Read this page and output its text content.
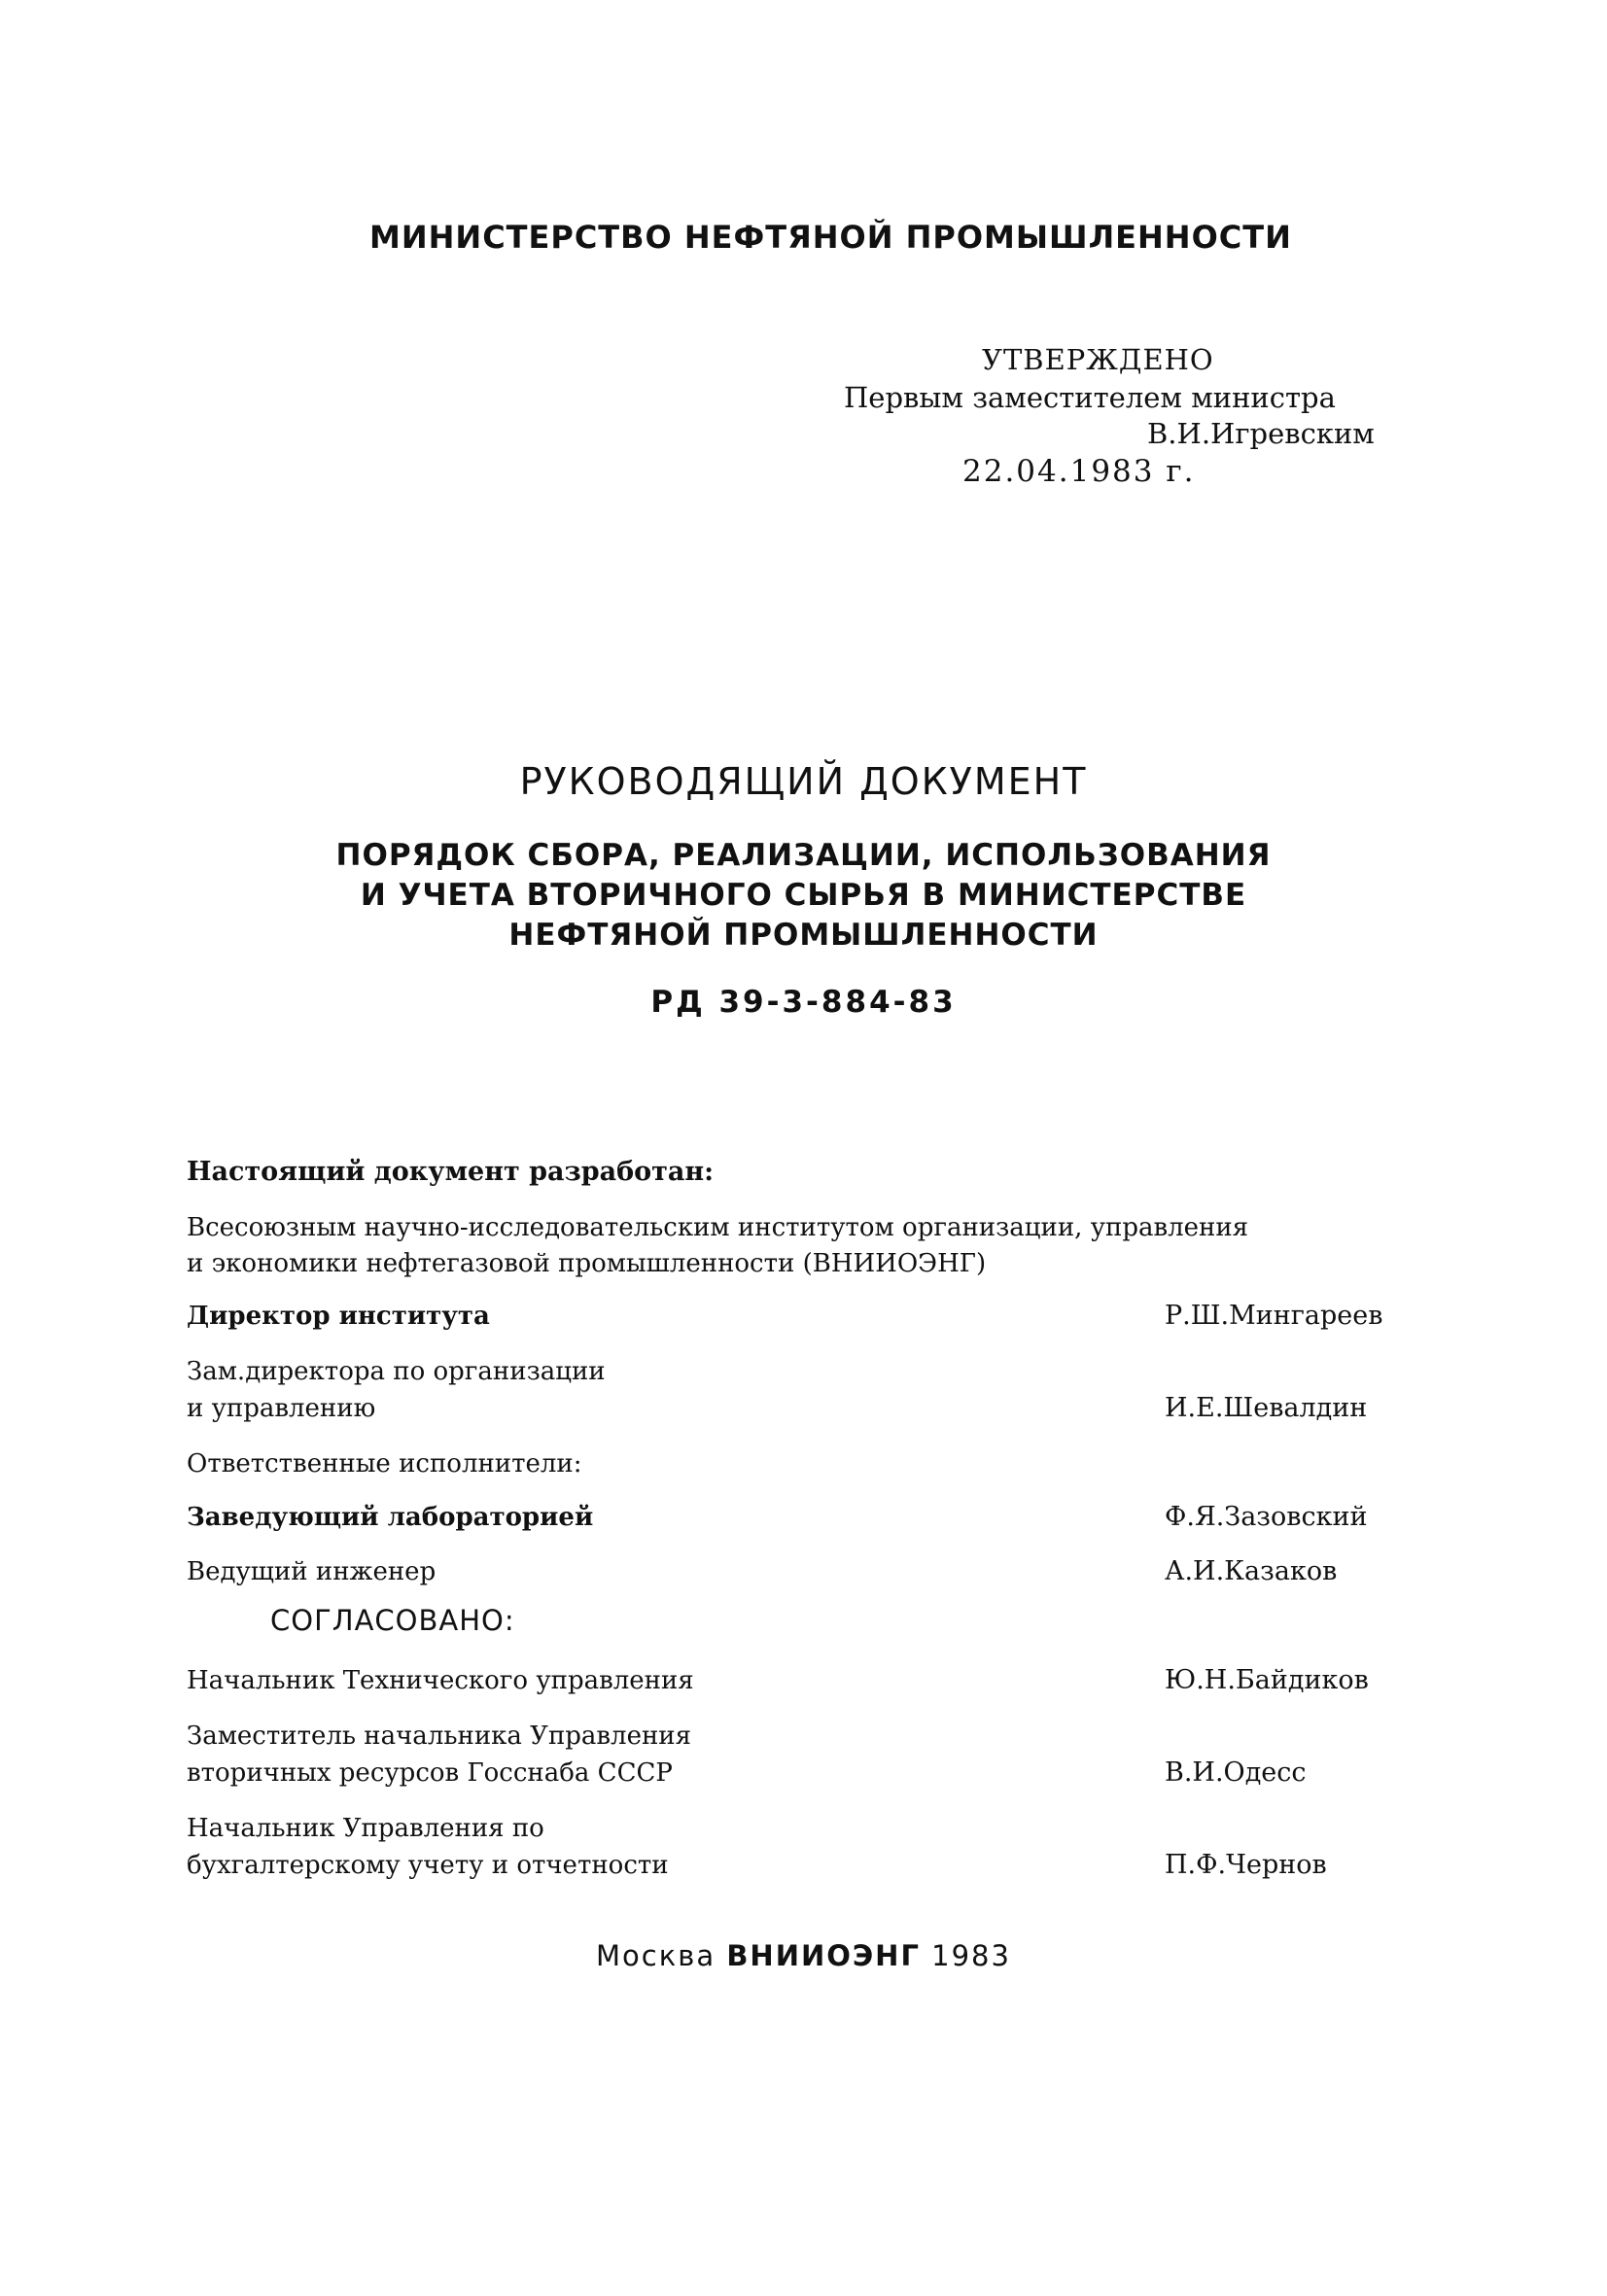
МИНИСТЕРСТВО НЕФТЯНОЙ ПРОМЫШЛЕННОСТИ
УТВЕРЖДЕНО
Первым заместителем министра
В.И.Игревским
22.04.1983 г.
РУКОВОДЯЩИЙ ДОКУМЕНТ
ПОРЯДОК СБОРА, РЕАЛИЗАЦИИ, ИСПОЛЬЗОВАНИЯ
И УЧЕТА ВТОРИЧНОГО СЫРЬЯ В МИНИСТЕРСТВЕ
НЕФТЯНОЙ ПРОМЫШЛЕННОСТИ
РД 39-3-884-83
Настоящий документ разработан:
Всесоюзным научно-исследовательским институтом организации, управления
и экономики нефтегазовой промышленности (ВНИИОЭНГ)
Директор института	Р.Ш.Мингареев
Зам.директора по организации
и управлению	И.Е.Шевалдин
Ответственные исполнители:
Заведующий лабораторией	Ф.Я.Зазовский
Ведущий инженер	А.И.Казаков
СОГЛАСОВАНО:
Начальник Технического управления	Ю.Н.Байдиков
Заместитель начальника Управления
вторичных ресурсов Госснаба СССР	В.И.Одесс
Начальник Управления по
бухгалтерскому учету и отчетности	П.Ф.Чернов
Москва ВНИИОЭНГ 1983
